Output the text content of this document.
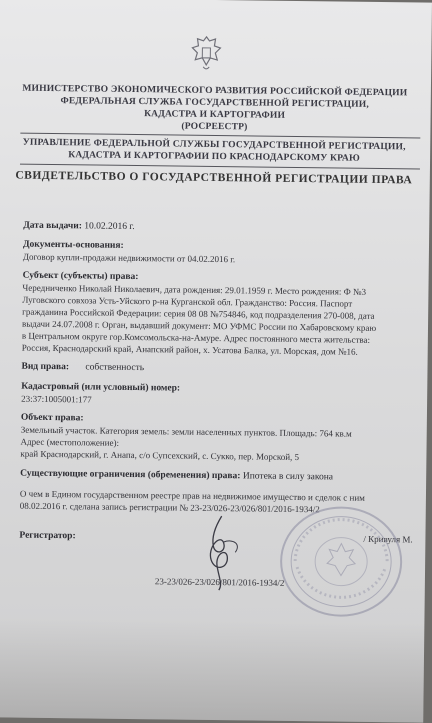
МИНИСТЕРСТВО ЭКОНОМИЧЕСКОГО РАЗВИТИЯ РОССИЙСКОЙ ФЕДЕРАЦИИ
ФЕДЕРАЛЬНАЯ СЛУЖБА ГОСУДАРСТВЕННОЙ РЕГИСТРАЦИИ,
КАДАСТРА И КАРТОГРАФИИ
(РОСРЕЕСТР)
УПРАВЛЕНИЕ ФЕДЕРАЛЬНОЙ СЛУЖБЫ ГОСУДАРСТВЕННОЙ РЕГИСТРАЦИИ,
КАДАСТРА И КАРТОГРАФИИ ПО КРАСНОДАРСКОМУ КРАЮ
СВИДЕТЕЛЬСТВО О ГОСУДАРСТВЕННОЙ РЕГИСТРАЦИИ ПРАВА
Дата выдачи: 10.02.2016 г.
Документы-основания:
Договор купли-продажи недвижимости от 04.02.2016 г.
Субъект (субъекты) права:
Чередниченко Николай Николаевич, дата рождения: 29.01.1959 г. Место рождения: Ф №3
Луговского совхоза Усть-Уйского р-на Курганской обл. Гражданство: Россия. Паспорт
гражданина Российской Федерации: серия 08 08 №754846, код подразделения 270-008, дата
выдачи 24.07.2008 г. Орган, выдавший документ: МО УФМС России по Хабаровскому краю
в Центральном округе гор.Комсомольска-на-Амуре. Адрес постоянного места жительства:
Россия, Краснодарский край, Анапский район, х. Усатова Балка, ул. Морская, дом №16.
Вид права: собственность
Кадастровый (или условный) номер:
23:37:1005001:177
Объект права:
Земельный участок. Категория земель: земли населенных пунктов. Площадь: 764 кв.м
Адрес (местоположение):
край Краснодарский, г. Анапа, с/о Супсехский, с. Сукко, пер. Морской, 5
Существующие ограничения (обременения) права: Ипотека в силу закона
О чем в Едином государственном реестре прав на недвижимое имущество и сделок с ним
08.02.2016 г. сделана запись регистрации № 23-23/026-23/026/801/2016-1934/2
Регистратор:	/ Кривуля М.
23-23/026-23/026/801/2016-1934/2
